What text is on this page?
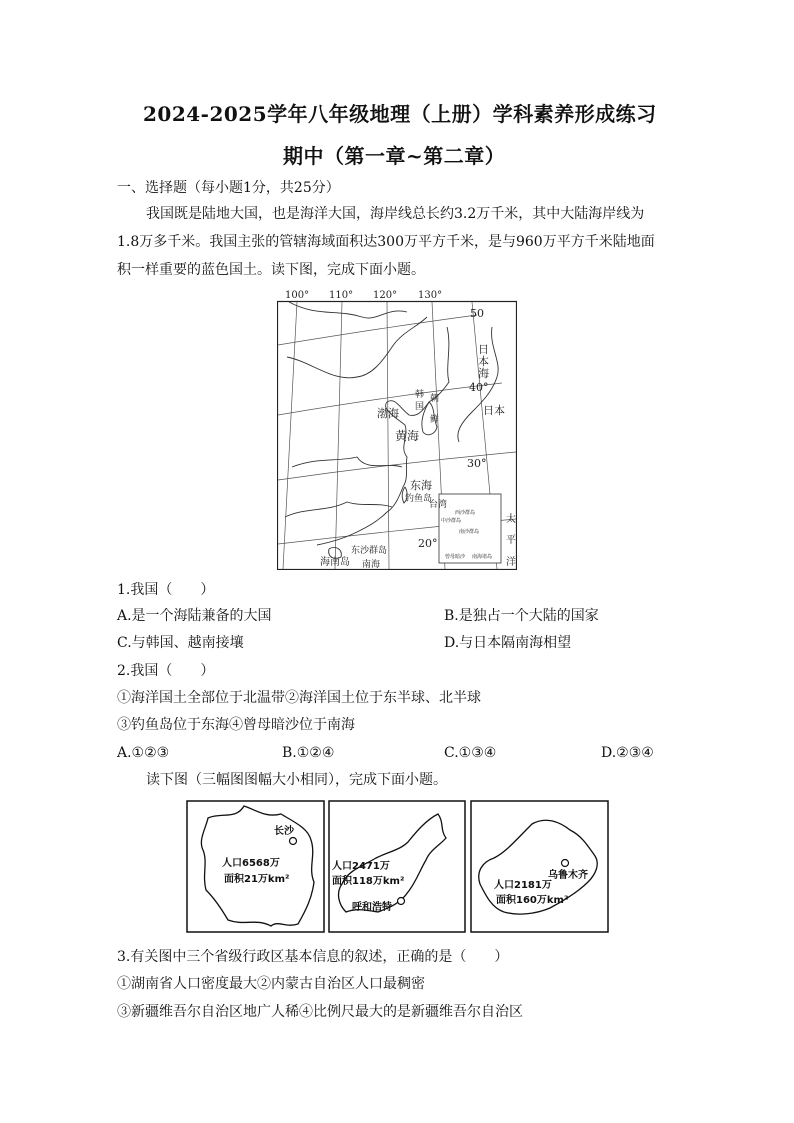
2024-2025学年八年级地理（上册）学科素养形成练习
期中（第一章~第二章）
一、选择题（每小题1分，共25分）
我国既是陆地大国，也是海洋大国，海岸线总长约3.2万千米，其中大陆海岸线为
1.8万多千米。我国主张的管辖海域面积达300万平方千米，是与960万平方千米陆地面
积一样重要的蓝色国土。读下图，完成下面小题。
100° 110° 120° 130°
西沙群岛
中沙群岛
南沙群岛
曾母暗沙 南海诸岛
50
40°
30°
20°
日
本
海
日本
朝
鲜
韩
国
渤海
黄海
东海
钓鱼岛
台湾
东沙群岛
海南岛 南海
太
平
洋
1.我国（　　）
A.是一个海陆兼备的大国	B.是独占一个大陆的国家
C.与韩国、越南接壤	D.与日本隔南海相望
2.我国（　　）
①海洋国土全部位于北温带②海洋国土位于东半球、北半球
③钓鱼岛位于东海④曾母暗沙位于南海
A.①②③	B.①②④	C.①③④	D.②③④
读下图（三幅图图幅大小相同），完成下面小题。
长沙
人口6568万
面积21万km²
人口2471万
面积118万km²
呼和浩特
乌鲁木齐
人口2181万
面积160万km²
3.有关图中三个省级行政区基本信息的叙述，正确的是（　　）
①湖南省人口密度最大②内蒙古自治区人口最稠密
③新疆维吾尔自治区地广人稀④比例尺最大的是新疆维吾尔自治区
